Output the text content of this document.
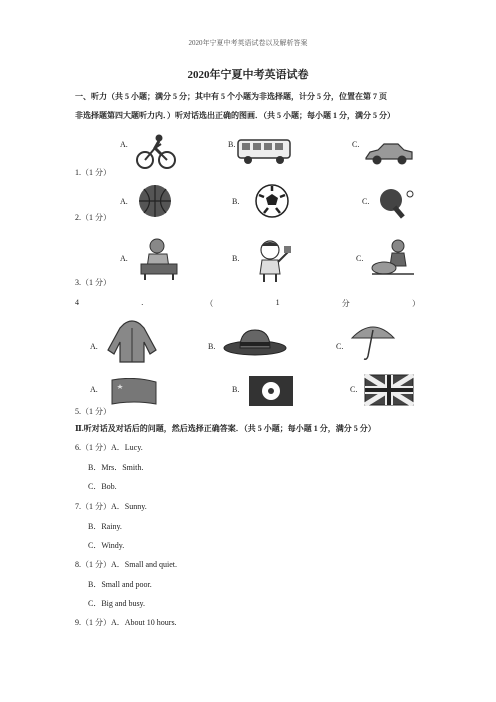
2020年宁夏中考英语试卷以及解析答案
2020年宁夏中考英语试卷
一、听力（共 5 小题；满分 5 分；其中有 5 个小题为非选择题，计分 5 分，位置在第 7 页
非选择题第四大题听力内．）听对话选出正确的图画．（共 5 小题；每小题 1 分，满分 5 分）
A.	B.	C.
1.（1 分）
A.	B.	C.
2.（1 分）
A.	B.	C.
3.（1 分）
4	.	（	1	分	）
A.	B.	C.
A.	B.	C.
5.（1 分）
Ⅱ.听对话及对话后的问题，然后选择正确答案．（共 5 小题；每小题 1 分，满分 5 分）
6.（1 分）A．Lucy.
B．Mrs．Smith.
C．Bob.
7.（1 分）A．Sunny.
B．Rainy.
C．Windy.
8.（1 分）A．Small and quiet.
B．Small and poor.
C．Big and busy.
9.（1 分）A．About 10 hours.
